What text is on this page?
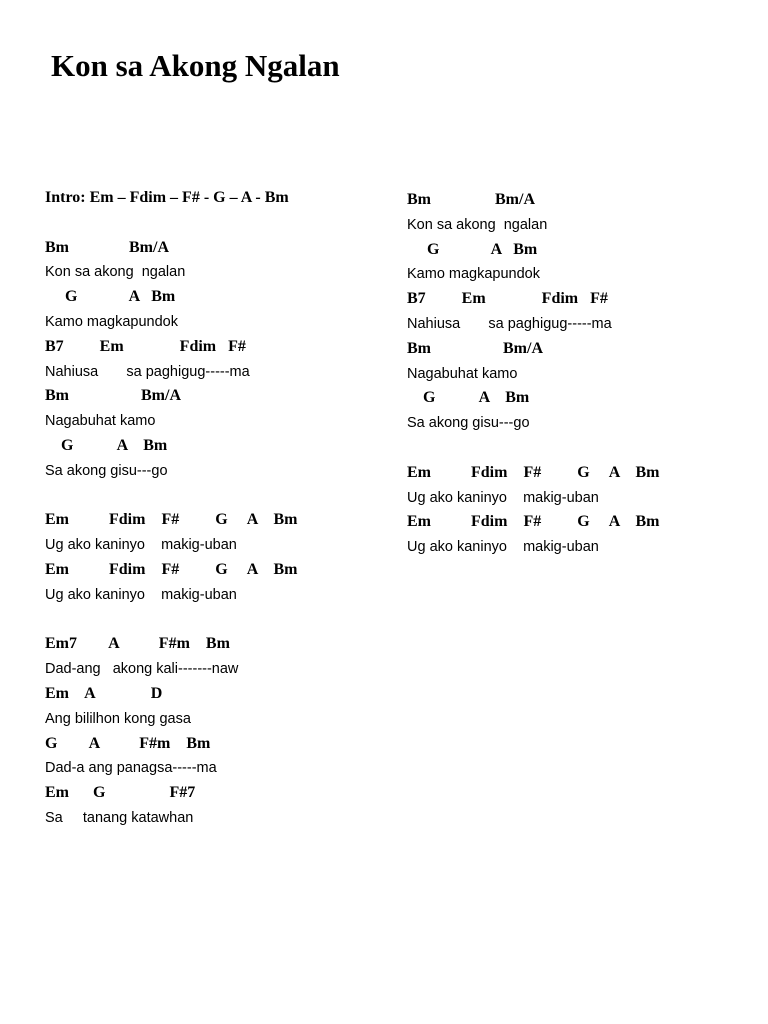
Kon sa Akong Ngalan
Intro: Em – Fdim – F# - G – A - Bm
Bm               Bm/A
Kon sa akong  ngalan
G             A   Bm
Kamo magkapundok
B7         Em              Fdim   F#
Nahiusa       sa paghigug-----ma
Bm                  Bm/A
Nagabuhat kamo
G           A    Bm
Sa akong gisu---go
Em          Fdim    F#         G     A    Bm
Ug ako kaninyo    makig-uban
Em          Fdim    F#         G     A    Bm
Ug ako kaninyo    makig-uban
Em7        A          F#m    Bm
Dad-ang   akong kali-------naw
Em    A              D
Ang bililhon kong gasa
G        A          F#m    Bm
Dad-a ang panagsa-----ma
Em      G                F#7
Sa     tanang katawhan
Bm                Bm/A
Kon sa akong  ngalan
G             A   Bm
Kamo magkapundok
B7         Em              Fdim   F#
Nahiusa       sa paghigug-----ma
Bm                  Bm/A
Nagabuhat kamo
G           A    Bm
Sa akong gisu---go
Em          Fdim    F#         G     A    Bm
Ug ako kaninyo    makig-uban
Em          Fdim    F#         G     A    Bm
Ug ako kaninyo    makig-uban
